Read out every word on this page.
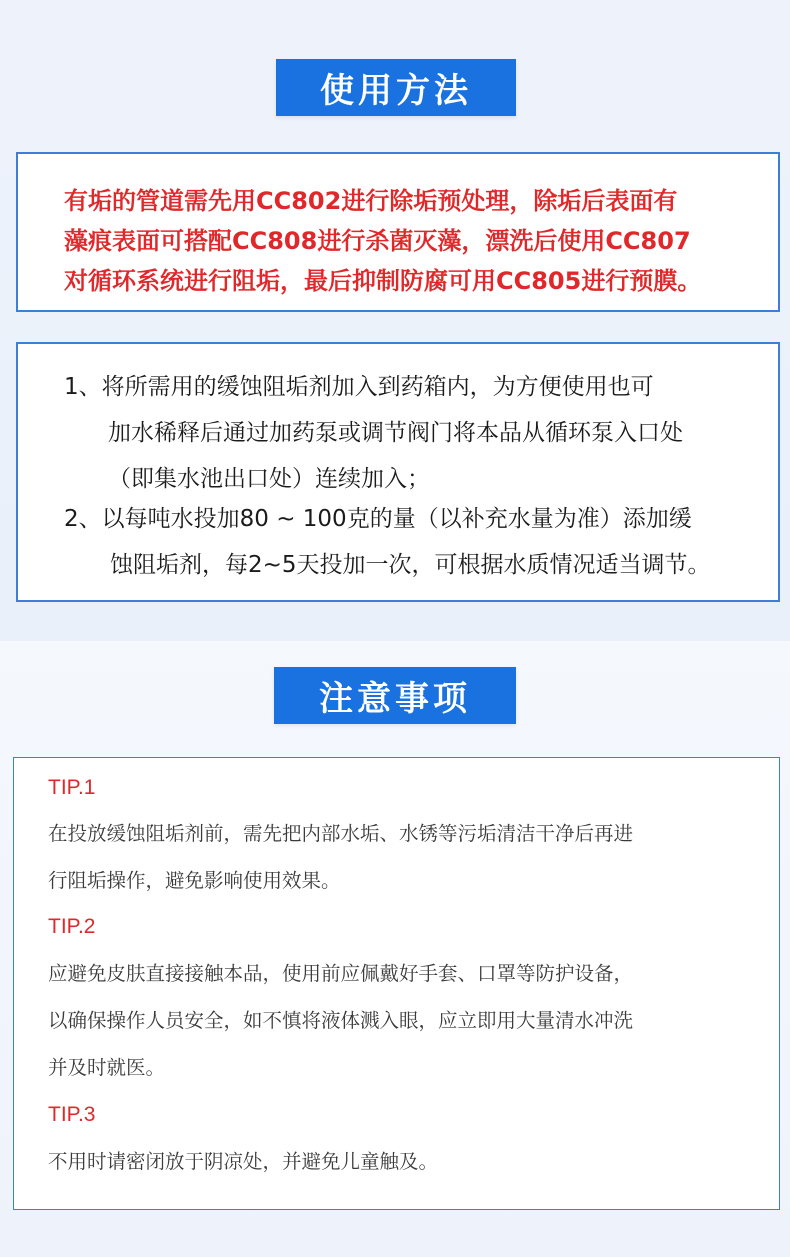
使用方法
有垢的管道需先用CC802进行除垢预处理，除垢后表面有
藻痕表面可搭配CC808进行杀菌灭藻，漂洗后使用CC807
对循环系统进行阻垢，最后抑制防腐可用CC805进行预膜。
1、将所需用的缓蚀阻垢剂加入到药箱内，为方便使用也可
加水稀释后通过加药泵或调节阀门将本品从循环泵入口处
（即集水池出口处）连续加入；
2、以每吨水投加80 ~ 100克的量（以补充水量为准）添加缓
蚀阻垢剂，每2~5天投加一次，可根据水质情况适当调节。
注意事项
TIP.1
在投放缓蚀阻垢剂前，需先把内部水垢、水锈等污垢清洁干净后再进
行阻垢操作，避免影响使用效果。
TIP.2
应避免皮肤直接接触本品，使用前应佩戴好手套、口罩等防护设备，
以确保操作人员安全，如不慎将液体溅入眼，应立即用大量清水冲洗
并及时就医。
TIP.3
不用时请密闭放于阴凉处，并避免儿童触及。
